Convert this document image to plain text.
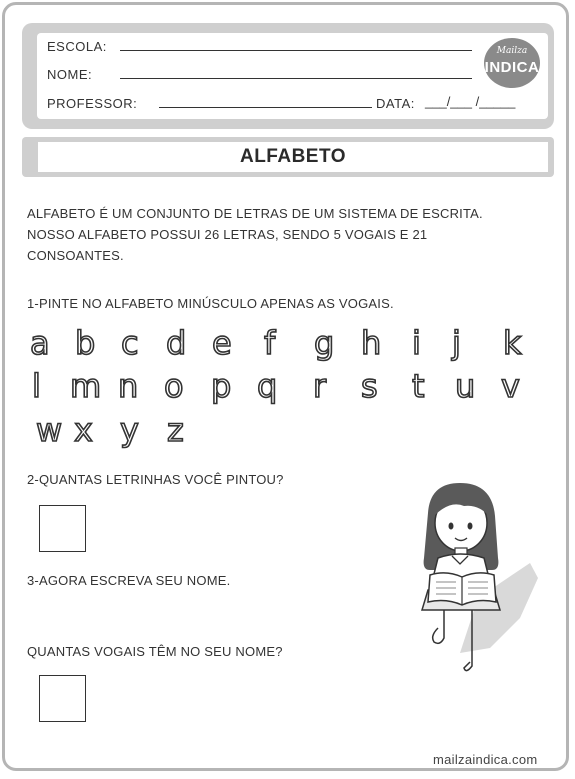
ESCOLA:
NOME:
PROFESSOR:	DATA: ___/___ /_____
Mailza
INDICA
ALFABETO
ALFABETO É UM CONJUNTO DE LETRAS DE UM SISTEMA DE ESCRITA.
NOSSO ALFABETO POSSUI 26 LETRAS, SENDO 5 VOGAIS E 21
CONSOANTES.
1-PINTE NO ALFABETO MINÚSCULO APENAS AS VOGAIS.
a b c d e f g h i j k
l m n o p q r s t u v
w x y z
2-QUANTAS LETRINHAS VOCÊ PINTOU?
3-AGORA ESCREVA SEU NOME.
QUANTAS VOGAIS TÊM NO SEU NOME?
mailzaindica.com
